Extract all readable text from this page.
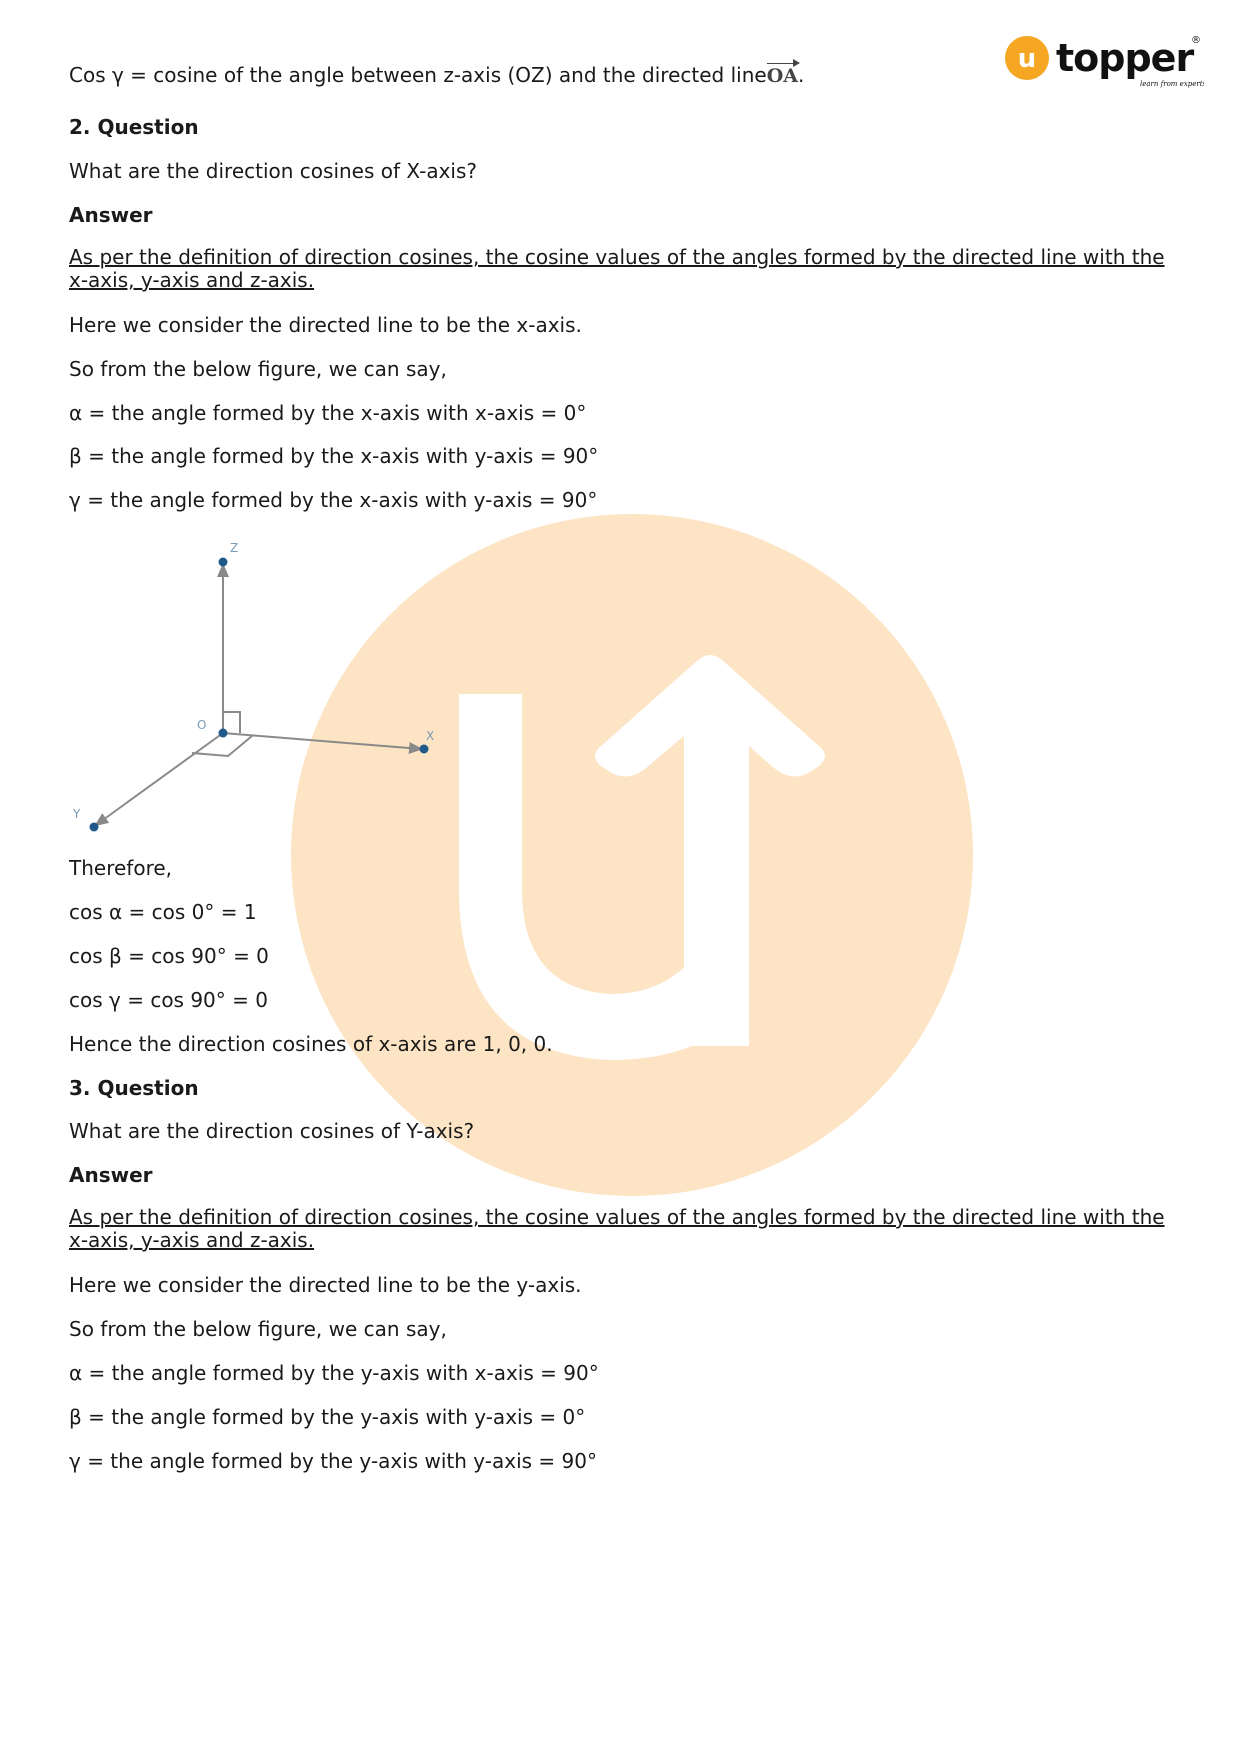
u topper
®
learn from experts
Cos γ = cosine of the angle between z-axis (OZ) and the directed lineOA.
2. Question
What are the direction cosines of X-axis?
Answer
As per the definition of direction cosines, the cosine values of the angles formed by the directed line with the x-axis, y-axis and z-axis.
Here we consider the directed line to be the x-axis.
So from the below figure, we can say,
α = the angle formed by the x-axis with x-axis = 0°
β = the angle formed by the x-axis with y-axis = 90°
γ = the angle formed by the x-axis with y-axis = 90°
Therefore,
cos α = cos 0° = 1
cos β = cos 90° = 0
cos γ = cos 90° = 0
Hence the direction cosines of x-axis are 1, 0, 0.
3. Question
What are the direction cosines of Y-axis?
Answer
As per the definition of direction cosines, the cosine values of the angles formed by the directed line with the x-axis, y-axis and z-axis.
Here we consider the directed line to be the y-axis.
So from the below figure, we can say,
α = the angle formed by the y-axis with x-axis = 90°
β = the angle formed by the y-axis with y-axis = 0°
γ = the angle formed by the y-axis with y-axis = 90°
Z
O
X
Y
